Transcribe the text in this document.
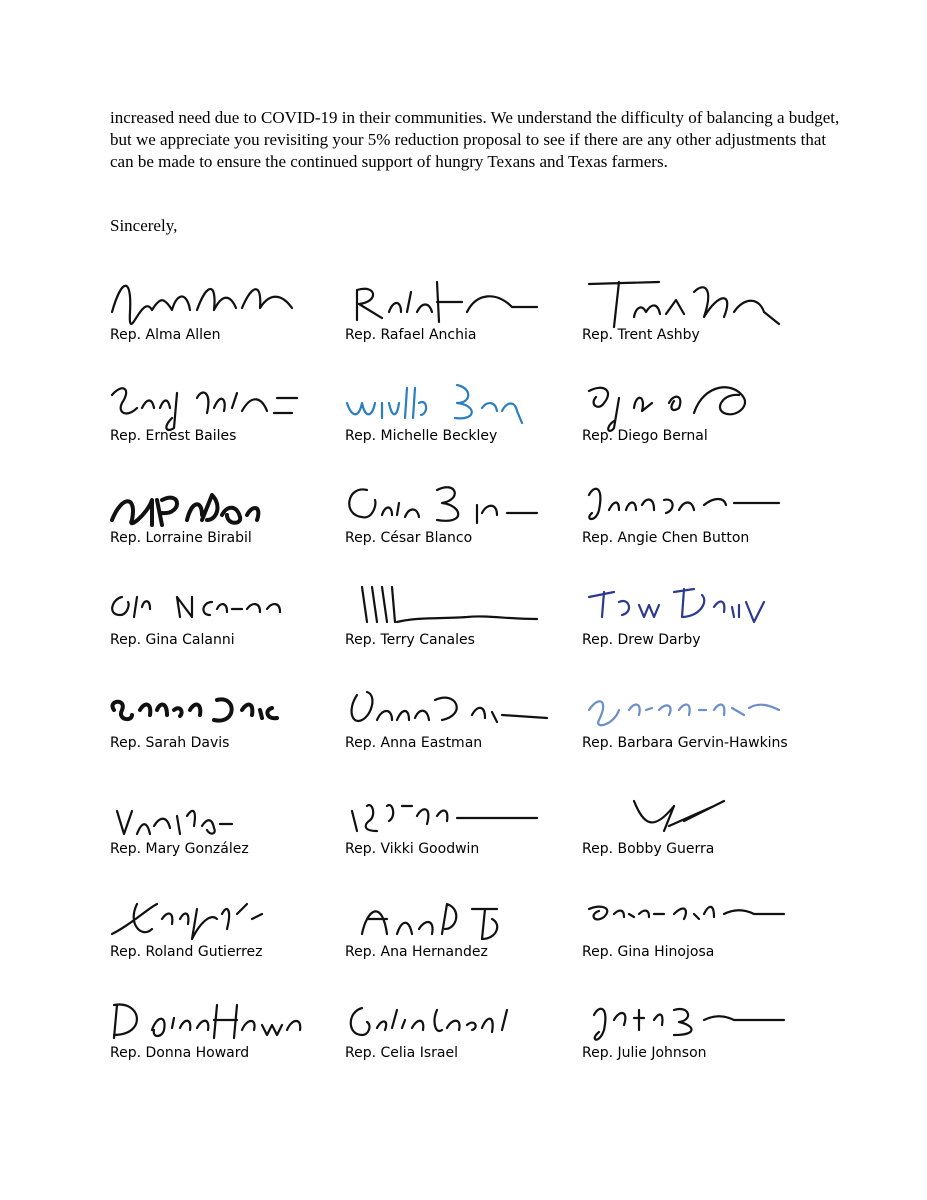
increased need due to COVID-19 in their communities. We understand the difficulty of balancing a budget, but we appreciate you revisiting your 5% reduction proposal to see if there are any other adjustments that can be made to ensure the continued support of hungry Texans and Texas farmers.

Sincerely,

Rep. Alma Allen	Rep. Rafael Anchia	Rep. Trent Ashby
Rep. Ernest Bailes	Rep. Michelle Beckley	Rep. Diego Bernal
Rep. Lorraine Birabil	Rep. César Blanco	Rep. Angie Chen Button
Rep. Gina Calanni	Rep. Terry Canales	Rep. Drew Darby
Rep. Sarah Davis	Rep. Anna Eastman	Rep. Barbara Gervin-Hawkins
Rep. Mary González	Rep. Vikki Goodwin	Rep. Bobby Guerra
Rep. Roland Gutierrez	Rep. Ana Hernandez	Rep. Gina Hinojosa
Rep. Donna Howard	Rep. Celia Israel	Rep. Julie Johnson
